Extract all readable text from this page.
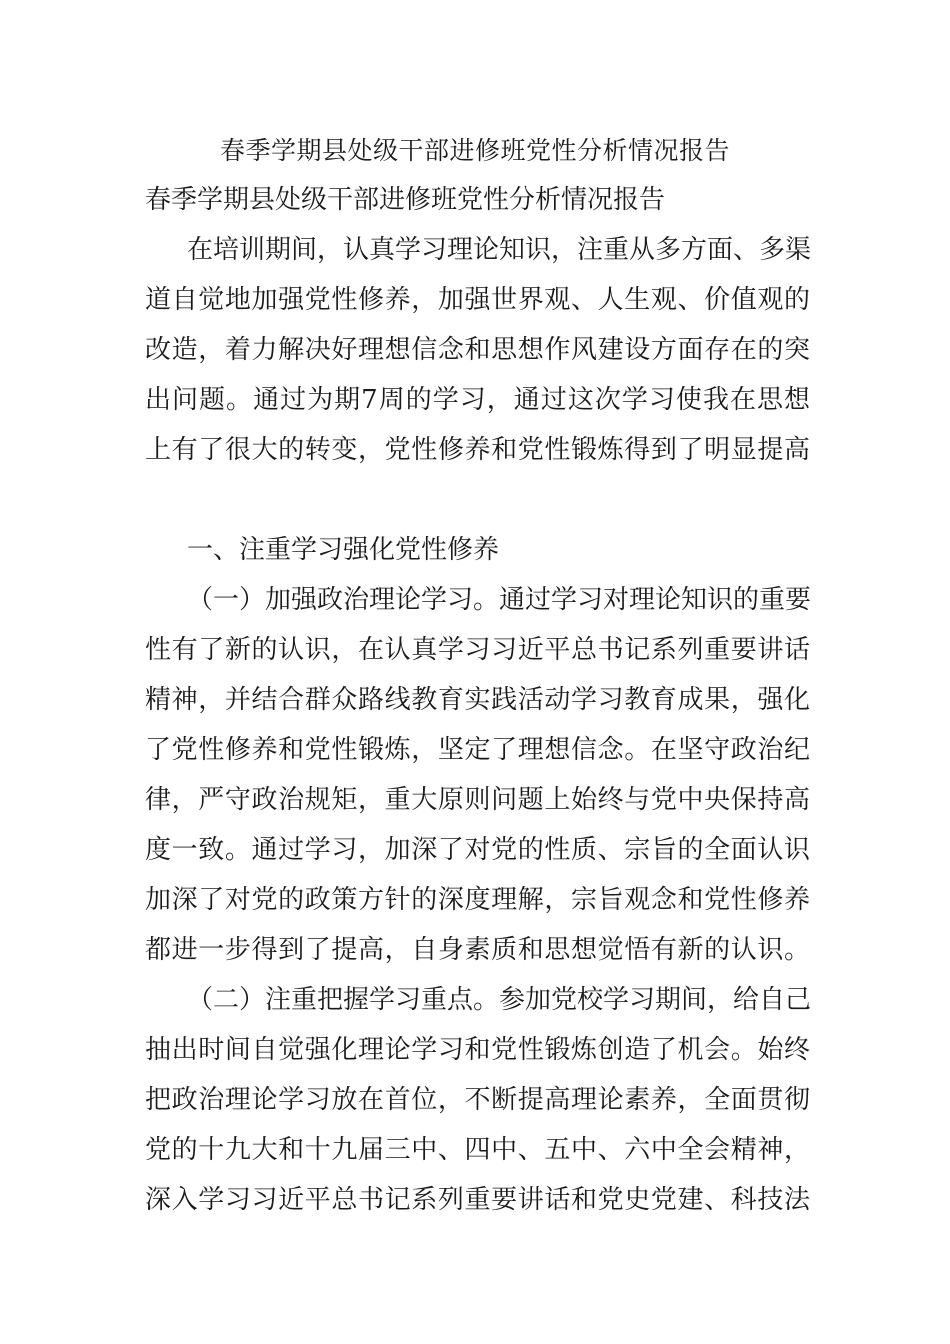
春季学期县处级干部进修班党性分析情况报告
春季学期县处级干部进修班党性分析情况报告
在培训期间，认真学习理论知识，注重从多方面、多渠
道自觉地加强党性修养，加强世界观、人生观、价值观的
改造，着力解决好理想信念和思想作风建设方面存在的突
出问题。通过为期7周的学习，通过这次学习使我在思想
上有了很大的转变，党性修养和党性锻炼得到了明显提高
一、注重学习强化党性修养
（一）加强政治理论学习。通过学习对理论知识的重要
性有了新的认识，在认真学习习近平总书记系列重要讲话
精神，并结合群众路线教育实践活动学习教育成果，强化
了党性修养和党性锻炼，坚定了理想信念。在坚守政治纪
律，严守政治规矩，重大原则问题上始终与党中央保持高
度一致。通过学习，加深了对党的性质、宗旨的全面认识
加深了对党的政策方针的深度理解，宗旨观念和党性修养
都进一步得到了提高，自身素质和思想觉悟有新的认识。
（二）注重把握学习重点。参加党校学习期间，给自己
抽出时间自觉强化理论学习和党性锻炼创造了机会。始终
把政治理论学习放在首位，不断提高理论素养，全面贯彻
党的十九大和十九届三中、四中、五中、六中全会精神，
深入学习习近平总书记系列重要讲话和党史党建、科技法
